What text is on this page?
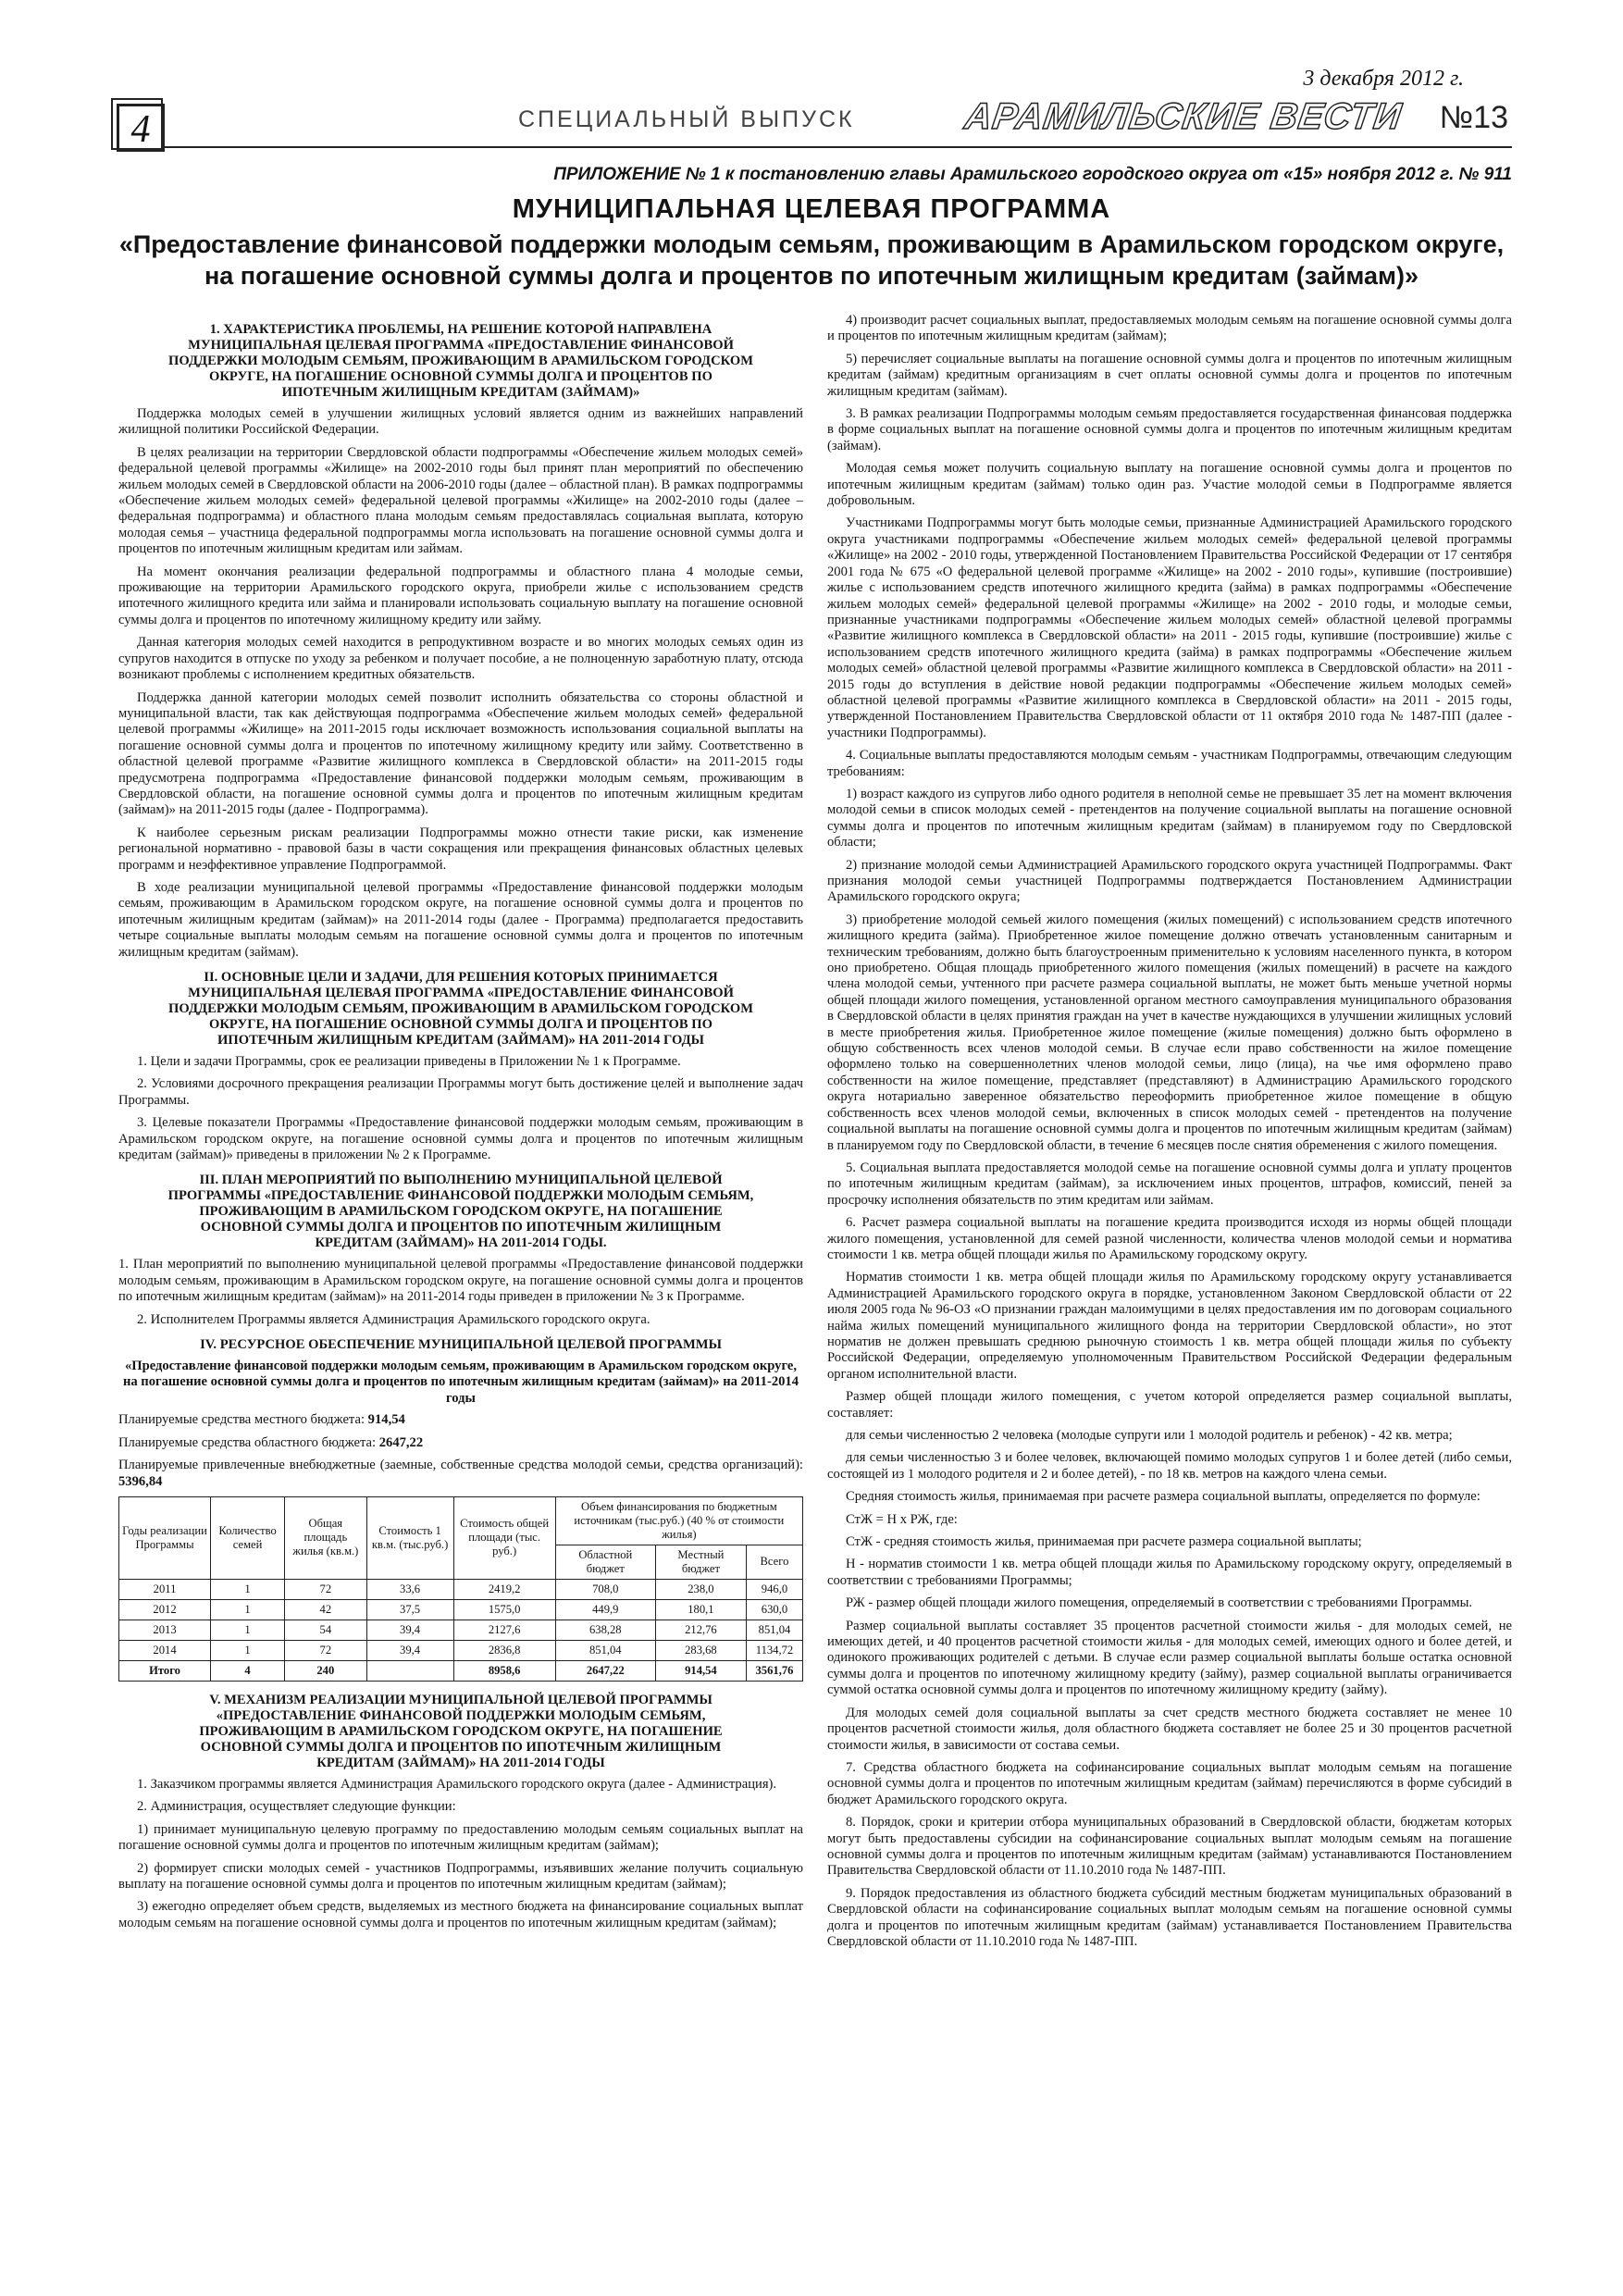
4	СПЕЦИАЛЬНЫЙ ВЫПУСК
3 декабря 2012 г.
АРАМИЛЬСКИЕ ВЕСТИ №13
ПРИЛОЖЕНИЕ № 1 к постановлению главы Арамильского городского округа от «15» ноября 2012 г. № 911
МУНИЦИПАЛЬНАЯ ЦЕЛЕВАЯ ПРОГРАММА
«Предоставление финансовой поддержки молодым семьям, проживающим в Арамильском городском округе, на погашение основной суммы долга и процентов по ипотечным жилищным кредитам (займам)»
1. ХАРАКТЕРИСТИКА ПРОБЛЕМЫ, НА РЕШЕНИЕ КОТОРОЙ НАПРАВЛЕНА МУНИЦИПАЛЬНАЯ ЦЕЛЕВАЯ ПРОГРАММА «ПРЕДОСТАВЛЕНИЕ ФИНАНСОВОЙ ПОДДЕРЖКИ МОЛОДЫМ СЕМЬЯМ, ПРОЖИВАЮЩИМ В АРАМИЛЬСКОМ ГОРОДСКОМ ОКРУГЕ, НА ПОГАШЕНИЕ ОСНОВНОЙ СУММЫ ДОЛГА И ПРОЦЕНТОВ ПО ИПОТЕЧНЫМ ЖИЛИЩНЫМ КРЕДИТАМ (ЗАЙМАМ)»

Поддержка молодых семей в улучшении жилищных условий является одним из важнейших направлений жилищной политики Российской Федерации.

В целях реализации на территории Свердловской области подпрограммы «Обеспечение жильем молодых семей» федеральной целевой программы «Жилище» на 2002-2010 годы был принят план мероприятий по обеспечению жильем молодых семей в Свердловской области на 2006-2010 годы (далее – областной план). В рамках подпрограммы «Обеспечение жильем молодых семей» федеральной целевой программы «Жилище» на 2002-2010 годы (далее – федеральная подпрограмма) и областного плана молодым семьям предоставлялась социальная выплата, которую молодая семья – участница федеральной подпрограммы могла использовать на погашение основной суммы долга и процентов по ипотечным жилищным кредитам или займам.

На момент окончания реализации федеральной подпрограммы и областного плана 4 молодые семьи, проживающие на территории Арамильского городского округа, приобрели жилье с использованием средств ипотечного жилищного кредита или займа и планировали использовать социальную выплату на погашение основной суммы долга и процентов по ипотечному жилищному кредиту или займу.

Данная категория молодых семей находится в репродуктивном возрасте и во многих молодых семьях один из супругов находится в отпуске по уходу за ребенком и получает пособие, а не полноценную заработную плату, отсюда возникают проблемы с исполнением кредитных обязательств.

Поддержка данной категории молодых семей позволит исполнить обязательства со стороны областной и муниципальной власти, так как действующая подпрограмма «Обеспечение жильем молодых семей» федеральной целевой программы «Жилище» на 2011-2015 годы исключает возможность использования социальной выплаты на погашение основной суммы долга и процентов по ипотечному жилищному кредиту или займу. Соответственно в областной целевой программе «Развитие жилищного комплекса в Свердловской области» на 2011-2015 годы предусмотрена подпрограмма «Предоставление финансовой поддержки молодым семьям, проживающим в Свердловской области, на погашение основной суммы долга и процентов по ипотечным жилищным кредитам (займам)» на 2011-2015 годы (далее - Подпрограмма).

К наиболее серьезным рискам реализации Подпрограммы можно отнести такие риски, как изменение региональной нормативно - правовой базы в части сокращения или прекращения финансовых областных целевых программ и неэффективное управление Подпрограммой.

В ходе реализации муниципальной целевой программы «Предоставление финансовой поддержки молодым семьям, проживающим в Арамильском городском округе, на погашение основной суммы долга и процентов по ипотечным жилищным кредитам (займам)» на 2011-2014 годы (далее - Программа) предполагается предоставить четыре социальные выплаты молодым семьям на погашение основной суммы долга и процентов по ипотечным жилищным кредитам (займам).

II. ОСНОВНЫЕ ЦЕЛИ И ЗАДАЧИ, ДЛЯ РЕШЕНИЯ КОТОРЫХ ПРИНИМАЕТСЯ МУНИЦИПАЛЬНАЯ ЦЕЛЕВАЯ ПРОГРАММА «ПРЕДОСТАВЛЕНИЕ ФИНАНСОВОЙ ПОДДЕРЖКИ МОЛОДЫМ СЕМЬЯМ, ПРОЖИВАЮЩИМ В АРАМИЛЬСКОМ ГОРОДСКОМ ОКРУГЕ, НА ПОГАШЕНИЕ ОСНОВНОЙ СУММЫ ДОЛГА И ПРОЦЕНТОВ ПО ИПОТЕЧНЫМ ЖИЛИЩНЫМ КРЕДИТАМ (ЗАЙМАМ)» НА 2011-2014 ГОДЫ

1. Цели и задачи Программы, срок ее реализации приведены в Приложении № 1 к Программе.

2. Условиями досрочного прекращения реализации Программы могут быть достижение целей и выполнение задач Программы.

3. Целевые показатели Программы «Предоставление финансовой поддержки молодым семьям, проживающим в Арамильском городском округе, на погашение основной суммы долга и процентов по ипотечным жилищным кредитам (займам)» приведены в приложении № 2 к Программе.

III. ПЛАН МЕРОПРИЯТИЙ ПО ВЫПОЛНЕНИЮ МУНИЦИПАЛЬНОЙ ЦЕЛЕВОЙ ПРОГРАММЫ «ПРЕДОСТАВЛЕНИЕ ФИНАНСОВОЙ ПОДДЕРЖКИ МОЛОДЫМ СЕМЬЯМ, ПРОЖИВАЮЩИМ В АРАМИЛЬСКОМ ГОРОДСКОМ ОКРУГЕ, НА ПОГАШЕНИЕ ОСНОВНОЙ СУММЫ ДОЛГА И ПРОЦЕНТОВ ПО ИПОТЕЧНЫМ ЖИЛИЩНЫМ КРЕДИТАМ (ЗАЙМАМ)» НА 2011-2014 ГОДЫ.

1. План мероприятий по выполнению муниципальной целевой программы «Предоставление финансовой поддержки молодым семьям, проживающим в Арамильском городском округе, на погашение основной суммы долга и процентов по ипотечным жилищным кредитам (займам)» на 2011-2014 годы приведен в приложении № 3 к Программе.

2. Исполнителем Программы является Администрация Арамильского городского округа.

IV. РЕСУРСНОЕ ОБЕСПЕЧЕНИЕ МУНИЦИПАЛЬНОЙ ЦЕЛЕВОЙ ПРОГРАММЫ

«Предоставление финансовой поддержки молодым семьям, проживающим в Арамильском городском округе, на погашение основной суммы долга и процентов по ипотечным жилищным кредитам (займам)» на 2011-2014 годы

Планируемые средства местного бюджета: 914,54

Планируемые средства областного бюджета: 2647,22

Планируемые привлеченные внебюджетные (заемные, собственные средства молодой семьи, средства организаций): 5396,84

Годы реализации Программы	Количество семей	Общая площадь жилья (кв.м.)	Стоимость 1 кв.м. (тыс.руб.)	Стоимость общей площади (тыс. руб.)	Объем финансирования по бюджетным источникам (тыс.руб.) (40 % от стоимости жилья)		
					Областной бюджет	Местный бюджет	Всего
2011	1	72	33,6	2419,2	708,0	238,0	946,0
2012	1	42	37,5	1575,0	449,9	180,1	630,0
2013	1	54	39,4	2127,6	638,28	212,76	851,04
2014	1	72	39,4	2836,8	851,04	283,68	1134,72
Итого	4	240		8958,6	2647,22	914,54	3561,76
V. МЕХАНИЗМ РЕАЛИЗАЦИИ МУНИЦИПАЛЬНОЙ ЦЕЛЕВОЙ ПРОГРАММЫ «ПРЕДОСТАВЛЕНИЕ ФИНАНСОВОЙ ПОДДЕРЖКИ МОЛОДЫМ СЕМЬЯМ, ПРОЖИВАЮЩИМ В АРАМИЛЬСКОМ ГОРОДСКОМ ОКРУГЕ, НА ПОГАШЕНИЕ ОСНОВНОЙ СУММЫ ДОЛГА И ПРОЦЕНТОВ ПО ИПОТЕЧНЫМ ЖИЛИЩНЫМ КРЕДИТАМ (ЗАЙМАМ)» НА 2011-2014 ГОДЫ

1. Заказчиком программы является Администрация Арамильского городского округа (далее - Администрация).

2. Администрация, осуществляет следующие функции:

1) принимает муниципальную целевую программу по предоставлению молодым семьям социальных выплат на погашение основной суммы долга и процентов по ипотечным жилищным кредитам (займам);

2) формирует списки молодых семей - участников Подпрограммы, изъявивших желание получить социальную выплату на погашение основной суммы долга и процентов по ипотечным жилищным кредитам (займам);

3) ежегодно определяет объем средств, выделяемых из местного бюджета на финансирование социальных выплат молодым семьям на погашение основной суммы долга и процентов по ипотечным жилищным кредитам (займам);

4) производит расчет социальных выплат, предоставляемых молодым семьям на погашение основной суммы долга и процентов по ипотечным жилищным кредитам (займам);

5) перечисляет социальные выплаты на погашение основной суммы долга и процентов по ипотечным жилищным кредитам (займам) кредитным организациям в счет оплаты основной суммы долга и процентов по ипотечным жилищным кредитам (займам).

3. В рамках реализации Подпрограммы молодым семьям предоставляется государственная финансовая поддержка в форме социальных выплат на погашение основной суммы долга и процентов по ипотечным жилищным кредитам (займам).

Молодая семья может получить социальную выплату на погашение основной суммы долга и процентов по ипотечным жилищным кредитам (займам) только один раз. Участие молодой семьи в Подпрограмме является добровольным.

Участниками Подпрограммы могут быть молодые семьи, признанные Администрацией Арамильского городского округа участниками подпрограммы «Обеспечение жильем молодых семей» федеральной целевой программы «Жилище» на 2002 - 2010 годы, утвержденной Постановлением Правительства Российской Федерации от 17 сентября 2001 года № 675 «О федеральной целевой программе «Жилище» на 2002 - 2010 годы», купившие (построившие) жилье с использованием средств ипотечного жилищного кредита (займа) в рамках подпрограммы «Обеспечение жильем молодых семей» федеральной целевой программы «Жилище» на 2002 - 2010 годы, и молодые семьи, признанные участниками подпрограммы «Обеспечение жильем молодых семей» областной целевой программы «Развитие жилищного комплекса в Свердловской области» на 2011 - 2015 годы, купившие (построившие) жилье с использованием средств ипотечного жилищного кредита (займа) в рамках подпрограммы «Обеспечение жильем молодых семей» областной целевой программы «Развитие жилищного комплекса в Свердловской области» на 2011 - 2015 годы до вступления в действие новой редакции подпрограммы «Обеспечение жильем молодых семей» областной целевой программы «Развитие жилищного комплекса в Свердловской области» на 2011 - 2015 годы, утвержденной Постановлением Правительства Свердловской области от 11 октября 2010 года № 1487-ПП (далее - участники Подпрограммы).

4. Социальные выплаты предоставляются молодым семьям - участникам Подпрограммы, отвечающим следующим требованиям:

1) возраст каждого из супругов либо одного родителя в неполной семье не превышает 35 лет на момент включения молодой семьи в список молодых семей - претендентов на получение социальной выплаты на погашение основной суммы долга и процентов по ипотечным жилищным кредитам (займам) в планируемом году по Свердловской области;

2) признание молодой семьи Администрацией Арамильского городского округа участницей Подпрограммы. Факт признания молодой семьи участницей Подпрограммы подтверждается Постановлением Администрации Арамильского городского округа;

3) приобретение молодой семьей жилого помещения (жилых помещений) с использованием средств ипотечного жилищного кредита (займа). Приобретенное жилое помещение должно отвечать установленным санитарным и техническим требованиям, должно быть благоустроенным применительно к условиям населенного пункта, в котором оно приобретено. Общая площадь приобретенного жилого помещения (жилых помещений) в расчете на каждого члена молодой семьи, учтенного при расчете размера социальной выплаты, не может быть меньше учетной нормы общей площади жилого помещения, установленной органом местного самоуправления муниципального образования в Свердловской области в целях принятия граждан на учет в качестве нуждающихся в улучшении жилищных условий в месте приобретения жилья. Приобретенное жилое помещение (жилые помещения) должно быть оформлено в общую собственность всех членов молодой семьи. В случае если право собственности на жилое помещение оформлено только на совершеннолетних членов молодой семьи, лицо (лица), на чье имя оформлено право собственности на жилое помещение, представляет (представляют) в Администрацию Арамильского городского округа нотариально заверенное обязательство переоформить приобретенное жилое помещение в общую собственность всех членов молодой семьи, включенных в список молодых семей - претендентов на получение социальной выплаты на погашение основной суммы долга и процентов по ипотечным жилищным кредитам (займам) в планируемом году по Свердловской области, в течение 6 месяцев после снятия обременения с жилого помещения.

5. Социальная выплата предоставляется молодой семье на погашение основной суммы долга и уплату процентов по ипотечным жилищным кредитам (займам), за исключением иных процентов, штрафов, комиссий, пеней за просрочку исполнения обязательств по этим кредитам или займам.

6. Расчет размера социальной выплаты на погашение кредита производится исходя из нормы общей площади жилого помещения, установленной для семей разной численности, количества членов молодой семьи и норматива стоимости 1 кв. метра общей площади жилья по Арамильскому городскому округу.

Норматив стоимости 1 кв. метра общей площади жилья по Арамильскому городскому округу устанавливается Администрацией Арамильского городского округа в порядке, установленном Законом Свердловской области от 22 июля 2005 года № 96-ОЗ «О признании граждан малоимущими в целях предоставления им по договорам социального найма жилых помещений муниципального жилищного фонда на территории Свердловской области», но этот норматив не должен превышать среднюю рыночную стоимость 1 кв. метра общей площади жилья по субъекту Российской Федерации, определяемую уполномоченным Правительством Российской Федерации федеральным органом исполнительной власти.

Размер общей площади жилого помещения, с учетом которой определяется размер социальной выплаты, составляет:

для семьи численностью 2 человека (молодые супруги или 1 молодой родитель и ребенок) - 42 кв. метра;

для семьи численностью 3 и более человек, включающей помимо молодых супругов 1 и более детей (либо семьи, состоящей из 1 молодого родителя и 2 и более детей), - по 18 кв. метров на каждого члена семьи.

Средняя стоимость жилья, принимаемая при расчете размера социальной выплаты, определяется по формуле:

СтЖ = Н х РЖ, где:

СтЖ - средняя стоимость жилья, принимаемая при расчете размера социальной выплаты;

Н - норматив стоимости 1 кв. метра общей площади жилья по Арамильскому городскому округу, определяемый в соответствии с требованиями Программы;

РЖ - размер общей площади жилого помещения, определяемый в соответствии с требованиями Программы.

Размер социальной выплаты составляет 35 процентов расчетной стоимости жилья - для молодых семей, не имеющих детей, и 40 процентов расчетной стоимости жилья - для молодых семей, имеющих одного и более детей, и одинокого проживающих родителей с детьми. В случае если размер социальной выплаты больше остатка основной суммы долга и процентов по ипотечному жилищному кредиту (займу), размер социальной выплаты ограничивается суммой остатка основной суммы долга и процентов по ипотечному жилищному кредиту (займу).

Для молодых семей доля социальной выплаты за счет средств местного бюджета составляет не менее 10 процентов расчетной стоимости жилья, доля областного бюджета составляет не более 25 и 30 процентов расчетной стоимости жилья, в зависимости от состава семьи.

7. Средства областного бюджета на софинансирование социальных выплат молодым семьям на погашение основной суммы долга и процентов по ипотечным жилищным кредитам (займам) перечисляются в форме субсидий в бюджет Арамильского городского округа.

8. Порядок, сроки и критерии отбора муниципальных образований в Свердловской области, бюджетам которых могут быть предоставлены субсидии на софинансирование социальных выплат молодым семьям на погашение основной суммы долга и процентов по ипотечным жилищным кредитам (займам) устанавливаются Постановлением Правительства Свердловской области от 11.10.2010 года № 1487-ПП.

9. Порядок предоставления из областного бюджета субсидий местным бюджетам муниципальных образований в Свердловской области на софинансирование социальных выплат молодым семьям на погашение основной суммы долга и процентов по ипотечным жилищным кредитам (займам) устанавливается Постановлением Правительства Свердловской области от 11.10.2010 года № 1487-ПП.
